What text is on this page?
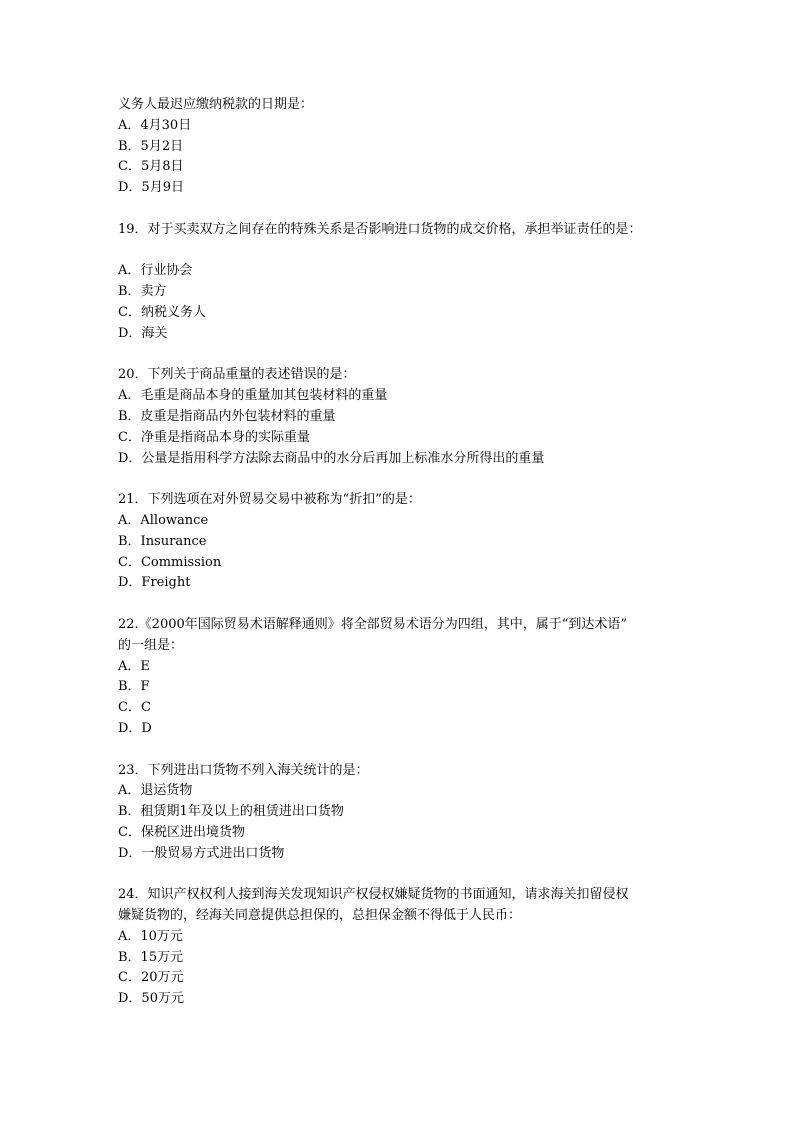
义务人最迟应缴纳税款的日期是：
A．4月30日
B．5月2日
C．5月8日
D．5月9日
19．对于买卖双方之间存在的特殊关系是否影响进口货物的成交价格，承担举证责任的是：
A．行业协会
B．卖方
C．纳税义务人
D．海关
20．下列关于商品重量的表述错误的是：
A．毛重是商品本身的重量加其包装材料的重量
B．皮重是指商品内外包装材料的重量
C．净重是指商品本身的实际重量
D．公量是指用科学方法除去商品中的水分后再加上标准水分所得出的重量
21．下列选项在对外贸易交易中被称为“折扣”的是：
A．Allowance
B．Insurance
C．Commission
D．Freight
22.《2000年国际贸易术语解释通则》将全部贸易术语分为四组，其中，属于“到达术语”
的一组是：
A．E
B．F
C．C
D．D
23．下列进出口货物不列入海关统计的是：
A．退运货物
B．租赁期1年及以上的租赁进出口货物
C．保税区进出境货物
D．一般贸易方式进出口货物
24．知识产权权利人接到海关发现知识产权侵权嫌疑货物的书面通知，请求海关扣留侵权
嫌疑货物的，经海关同意提供总担保的，总担保金额不得低于人民币：
A．10万元
B．15万元
C．20万元
D．50万元
